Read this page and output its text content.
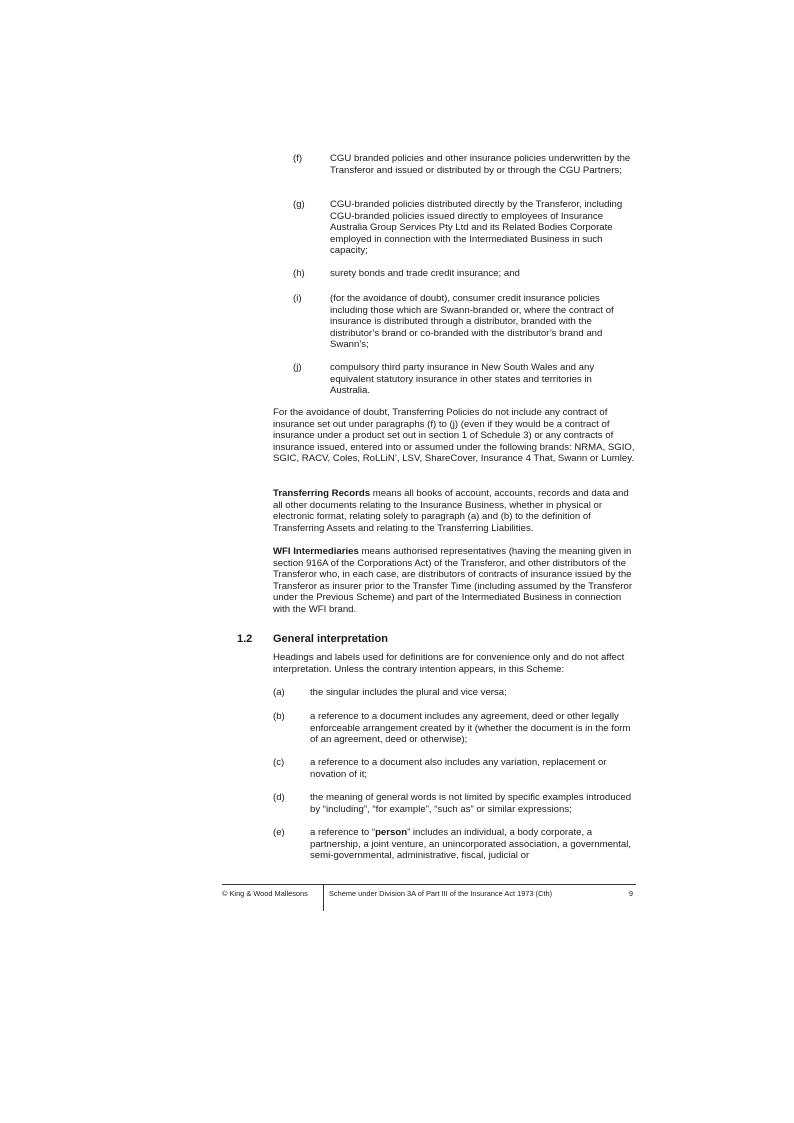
(f)	CGU branded policies and other insurance policies underwritten by the Transferor and issued or distributed by or through the CGU Partners;
(g)	CGU-branded policies distributed directly by the Transferor, including CGU-branded policies issued directly to employees of Insurance Australia Group Services Pty Ltd and its Related Bodies Corporate employed in connection with the Intermediated Business in such capacity;
(h)	surety bonds and trade credit insurance; and
(i)	(for the avoidance of doubt), consumer credit insurance policies including those which are Swann-branded or, where the contract of insurance is distributed through a distributor, branded with the distributor’s brand or co-branded with the distributor’s brand and Swann’s;
(j)	compulsory third party insurance in New South Wales and any equivalent statutory insurance in other states and territories in Australia.
For the avoidance of doubt, Transferring Policies do not include any contract of insurance set out under paragraphs (f) to (j) (even if they would be a contract of insurance under a product set out in section 1 of Schedule 3) or any contracts of insurance issued, entered into or assumed under the following brands: NRMA, SGIO, SGIC, RACV, Coles, RoLLiN’, LSV, ShareCover, Insurance 4 That, Swann or Lumley.
Transferring Records means all books of account, accounts, records and data and all other documents relating to the Insurance Business, whether in physical or electronic format, relating solely to paragraph (a) and (b) to the definition of Transferring Assets and relating to the Transferring Liabilities.
WFI Intermediaries means authorised representatives (having the meaning given in section 916A of the Corporations Act) of the Transferor, and other distributors of the Transferor who, in each case, are distributors of contracts of insurance issued by the Transferor as insurer prior to the Transfer Time (including assumed by the Transferor under the Previous Scheme) and part of the Intermediated Business in connection with the WFI brand.
1.2 General interpretation
Headings and labels used for definitions are for convenience only and do not affect interpretation. Unless the contrary intention appears, in this Scheme:
(a)	the singular includes the plural and vice versa;
(b)	a reference to a document includes any agreement, deed or other legally enforceable arrangement created by it (whether the document is in the form of an agreement, deed or otherwise);
(c)	a reference to a document also includes any variation, replacement or novation of it;
(d)	the meaning of general words is not limited by specific examples introduced by “including”, “for example”, “such as” or similar expressions;
(e)	a reference to “person” includes an individual, a body corporate, a partnership, a joint venture, an unincorporated association, a governmental, semi-governmental, administrative, fiscal, judicial or
© King & Wood Mallesons	Scheme under Division 3A of Part III of the Insurance Act 1973 (Cth)	9
